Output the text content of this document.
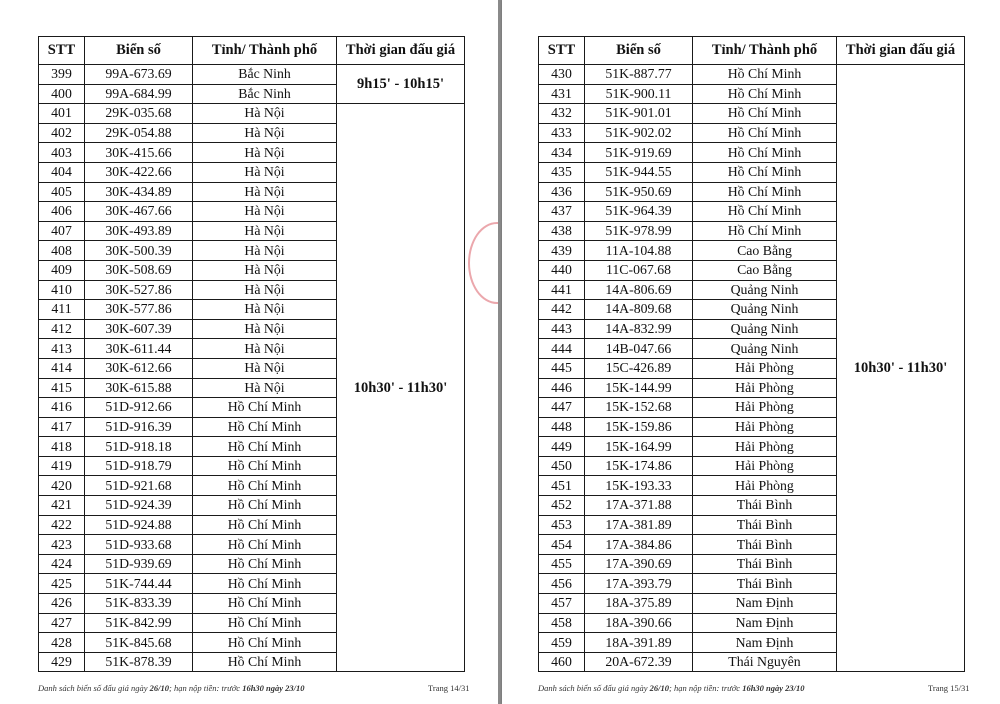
STT	Biển số	Tỉnh/ Thành phố	Thời gian đấu giá
399	99A-673.69	Bắc Ninh	9h15' - 10h15'
400	99A-684.99	Bắc Ninh	
401	29K-035.68	Hà Nội	10h30' - 11h30'
402	29K-054.88	Hà Nội	
403	30K-415.66	Hà Nội	
404	30K-422.66	Hà Nội	
405	30K-434.89	Hà Nội	
406	30K-467.66	Hà Nội	
407	30K-493.89	Hà Nội	
408	30K-500.39	Hà Nội	
409	30K-508.69	Hà Nội	
410	30K-527.86	Hà Nội	
411	30K-577.86	Hà Nội	
412	30K-607.39	Hà Nội	
413	30K-611.44	Hà Nội	
414	30K-612.66	Hà Nội	
415	30K-615.88	Hà Nội	
416	51D-912.66	Hồ Chí Minh	
417	51D-916.39	Hồ Chí Minh	
418	51D-918.18	Hồ Chí Minh	
419	51D-918.79	Hồ Chí Minh	
420	51D-921.68	Hồ Chí Minh	
421	51D-924.39	Hồ Chí Minh	
422	51D-924.88	Hồ Chí Minh	
423	51D-933.68	Hồ Chí Minh	
424	51D-939.69	Hồ Chí Minh	
425	51K-744.44	Hồ Chí Minh	
426	51K-833.39	Hồ Chí Minh	
427	51K-842.99	Hồ Chí Minh	
428	51K-845.68	Hồ Chí Minh	
429	51K-878.39	Hồ Chí Minh	
Danh sách biển số đấu giá ngày 26/10; hạn nộp tiền: trước 16h30 ngày 23/10
STT	Biển số	Tỉnh/ Thành phố	Thời gian đấu giá
430	51K-887.77	Hồ Chí Minh	10h30' - 11h30'
431	51K-900.11	Hồ Chí Minh	
432	51K-901.01	Hồ Chí Minh	
433	51K-902.02	Hồ Chí Minh	
434	51K-919.69	Hồ Chí Minh	
435	51K-944.55	Hồ Chí Minh	
436	51K-950.69	Hồ Chí Minh	
437	51K-964.39	Hồ Chí Minh	
438	51K-978.99	Hồ Chí Minh	
439	11A-104.88	Cao Bằng	
440	11C-067.68	Cao Bằng	
441	14A-806.69	Quảng Ninh	
442	14A-809.68	Quảng Ninh	
443	14A-832.99	Quảng Ninh	
444	14B-047.66	Quảng Ninh	
445	15C-426.89	Hải Phòng	
446	15K-144.99	Hải Phòng	
447	15K-152.68	Hải Phòng	
448	15K-159.86	Hải Phòng	
449	15K-164.99	Hải Phòng	
450	15K-174.86	Hải Phòng	
451	15K-193.33	Hải Phòng	
452	17A-371.88	Thái Bình	
453	17A-381.89	Thái Bình	
454	17A-384.86	Thái Bình	
455	17A-390.69	Thái Bình	
456	17A-393.79	Thái Bình	
457	18A-375.89	Nam Định	
458	18A-390.66	Nam Định	
459	18A-391.89	Nam Định	
460	20A-672.39	Thái Nguyên	
Danh sách biển số đấu giá ngày 26/10; hạn nộp tiền: trước 16h30 ngày 23/10
Trang 14/31	Trang 15/31
